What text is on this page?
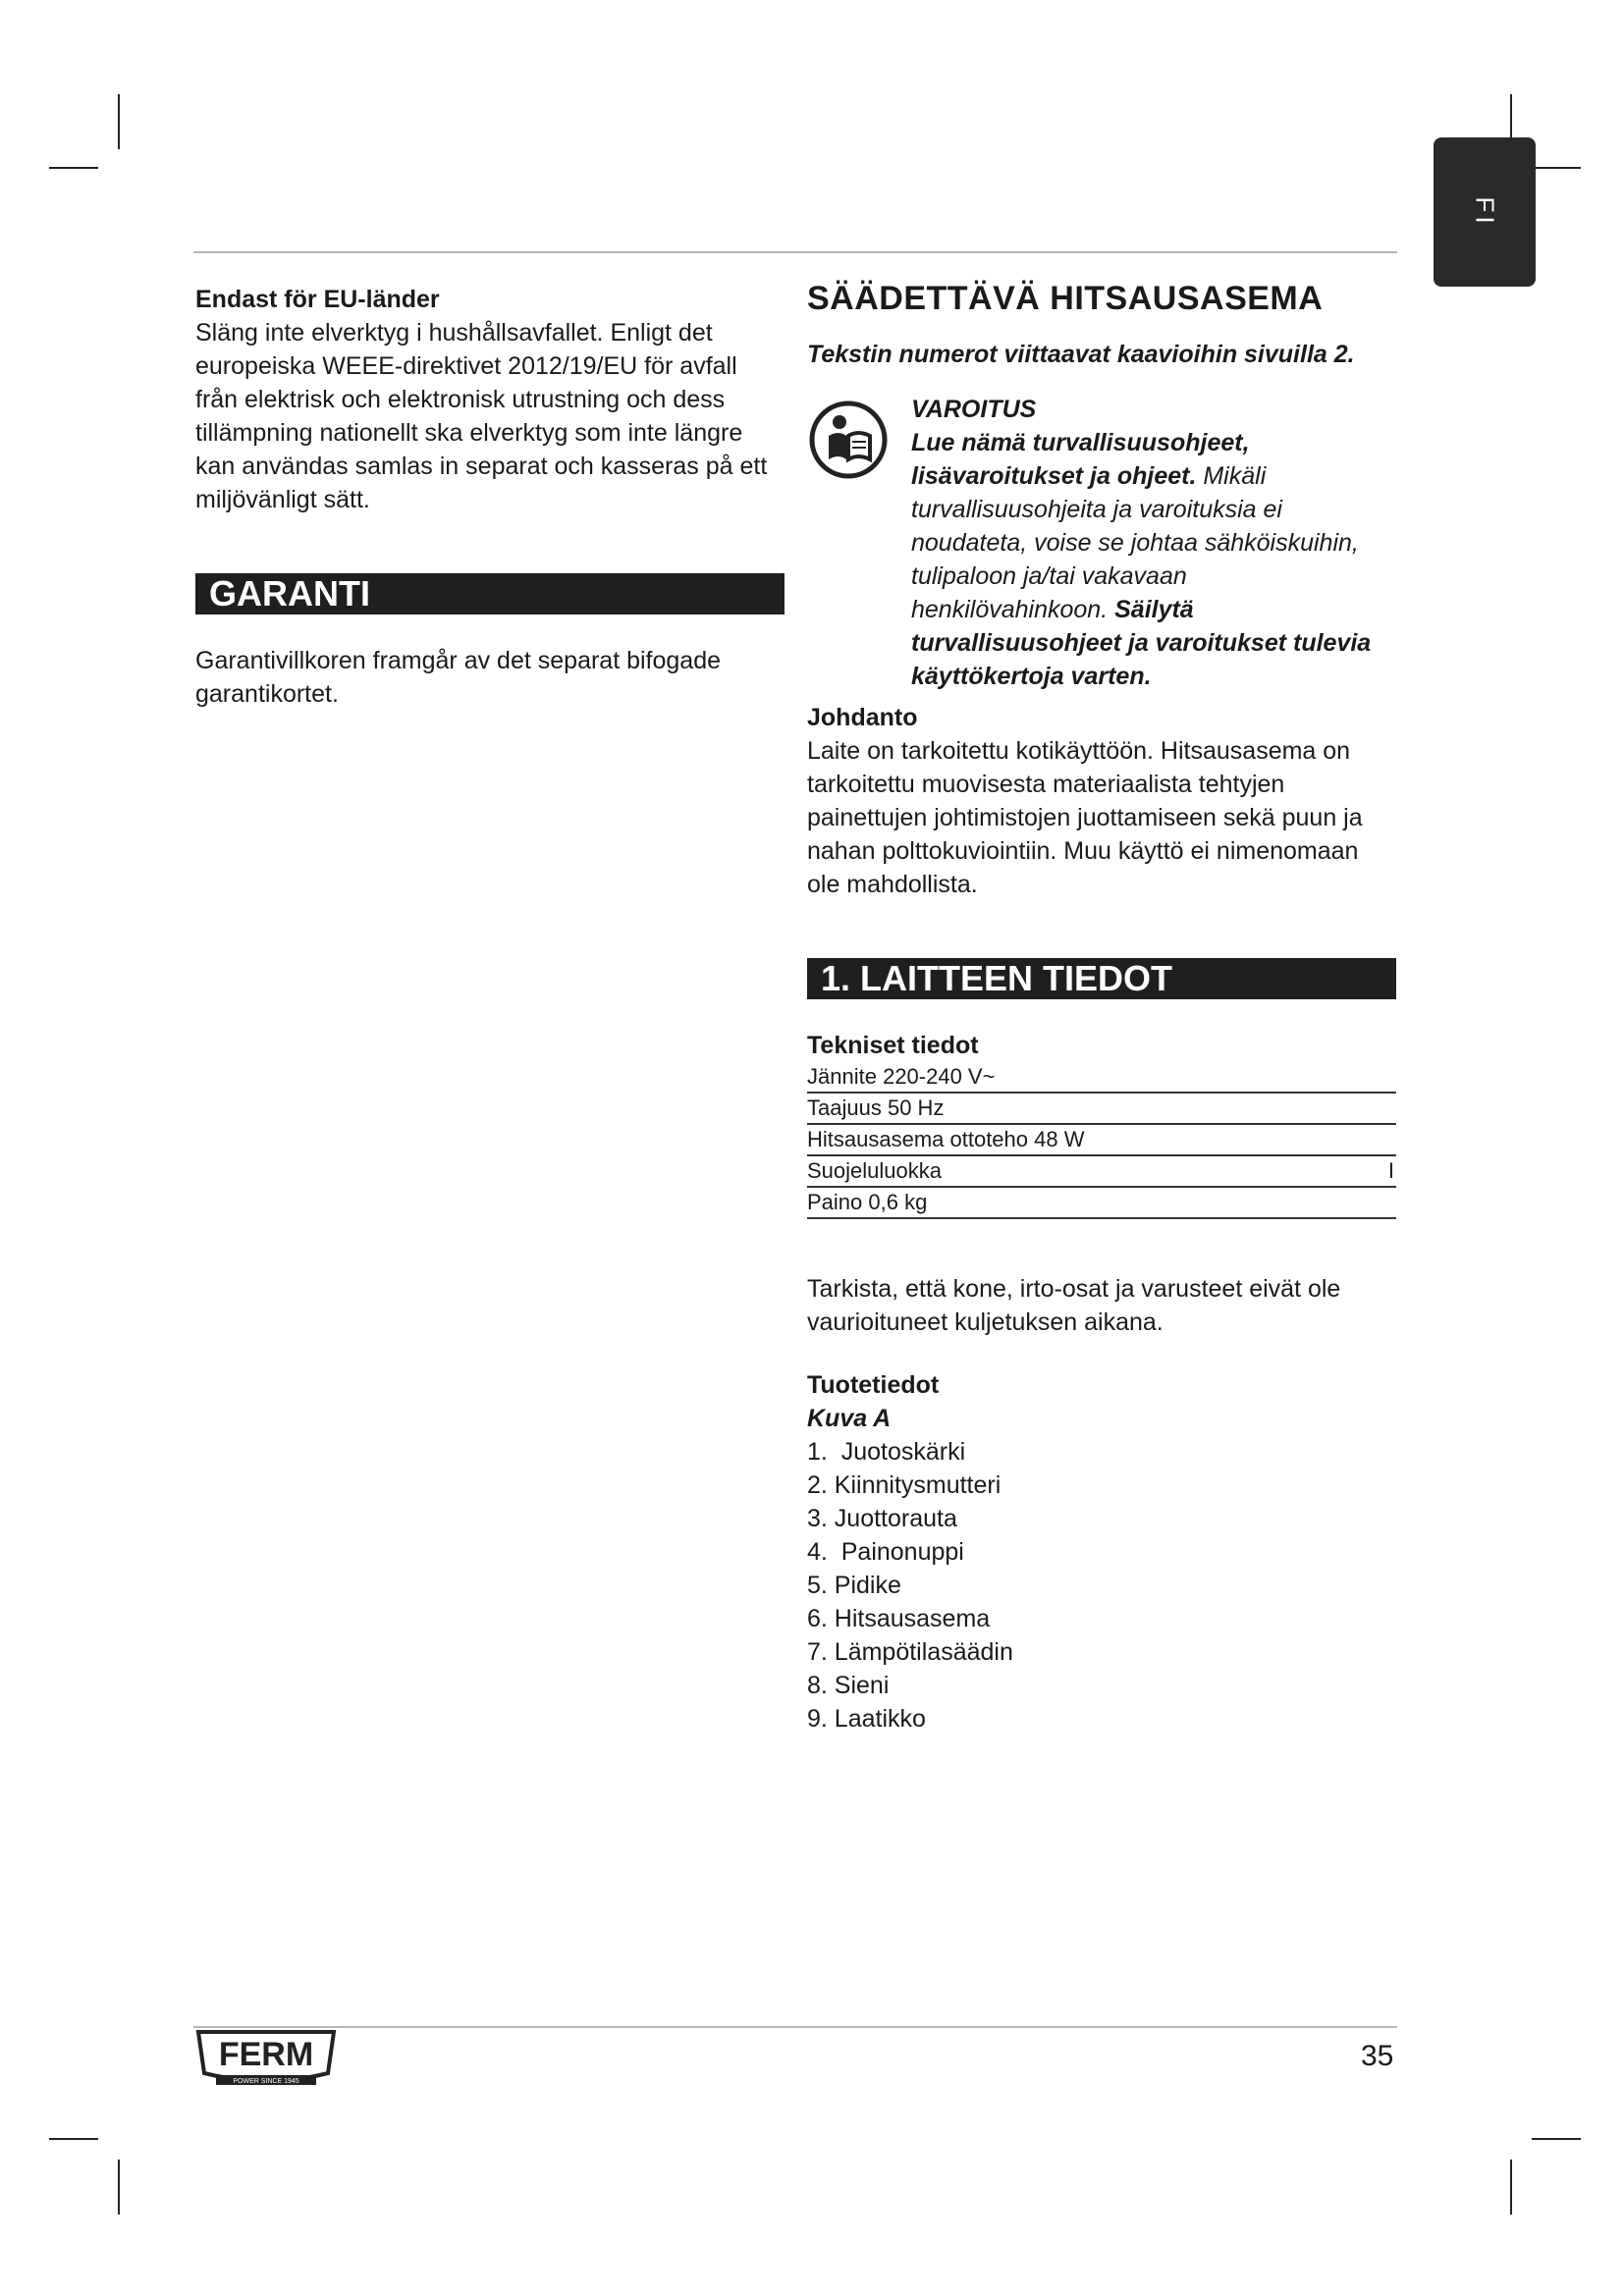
FI
Endast för EU-länder

Släng inte elverktyg i hushållsavfallet. Enligt det europeiska WEEE-direktivet 2012/19/EU för avfall från elektrisk och elektronisk utrustning och dess tillämpning nationellt ska elverktyg som inte längre kan användas samlas in separat och kasseras på ett miljövänligt sätt.

GARANTI

Garantivillkoren framgår av det separat bifogade garantikortet.

SÄÄDETTÄVÄ HITSAUSASEMA
Tekstin numerot viittaavat kaavioihin sivuilla 2.
VAROITUS
Lue nämä turvallisuusohjeet, lisävaroitukset ja ohjeet. Mikäli turvallisuusohjeita ja varoituksia ei noudateta, voise se johtaa sähköiskuihin, tulipaloon ja/tai vakavaan henkilövahinkoon. Säilytä turvallisuusohjeet ja varoitukset tulevia käyttökertoja varten.
Johdanto

Laite on tarkoitettu kotikäyttöön. Hitsausasema on tarkoitettu muovisesta materiaalista tehtyjen painettujen johtimistojen juottamiseen sekä puun ja nahan polttokuviointiin. Muu käyttö ei nimenomaan ole mahdollista.

1. LAITTEEN TIEDOT
Tekniset tiedot
Jännite 220-240 V~
Taajuus 50 Hz
Hitsausasema ottoteho 48 W
Suojeluluokka	I
Paino 0,6 kg

Tarkista, että kone, irto-osat ja varusteet eivät ole vaurioituneet kuljetuksen aikana.

Tuotetiedot
Kuva A
1.  Juotoskärki
2. Kiinnitysmutteri
3. Juottorauta
4.  Painonuppi
5. Pidike
6. Hitsausasema
7. Lämpötilasäädin
8. Sieni
9. Laatikko
FERM
POWER SINCE 1945
35
